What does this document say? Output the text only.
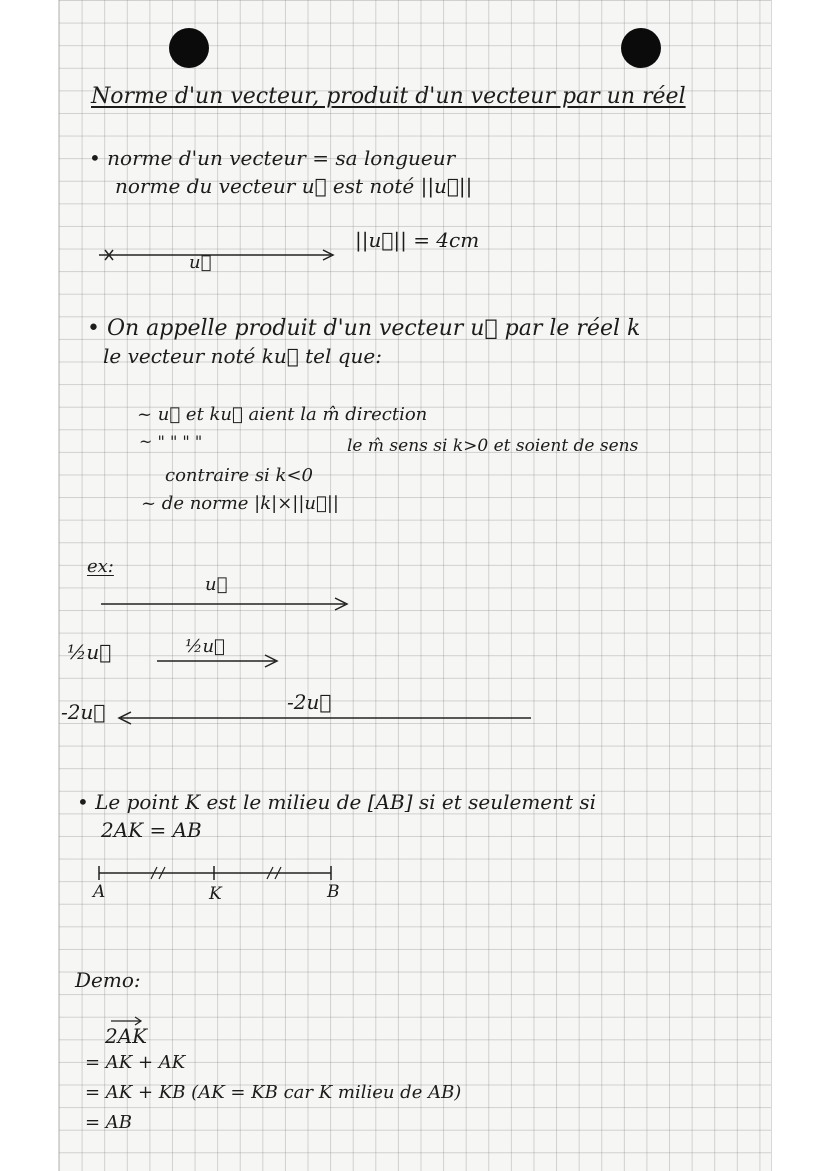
Norme d'un vecteur, produit d'un vecteur par un réel
• norme d'un vecteur = sa longueur
norme du vecteur u⃗ est noté ||u⃗||
u⃗
||u⃗|| = 4cm
• On appelle produit d'un vecteur u⃗ par le réel k
le vecteur noté ku⃗ tel que:
~ u⃗ et ku⃗ aient la m̂ direction
~ " " " "	le m̂ sens si k>0 et soient de sens
contraire si k<0
~ de norme |k|×||u⃗||
ex:
u⃗
½u⃗	½u⃗
-2u⃗	-2u⃗
• Le point K est le milieu de [AB] si et seulement si
2AK = AB
A	K	B
Demo:
2AK
= AK + AK
= AK + KB (AK = KB car K milieu de AB)
= AB
